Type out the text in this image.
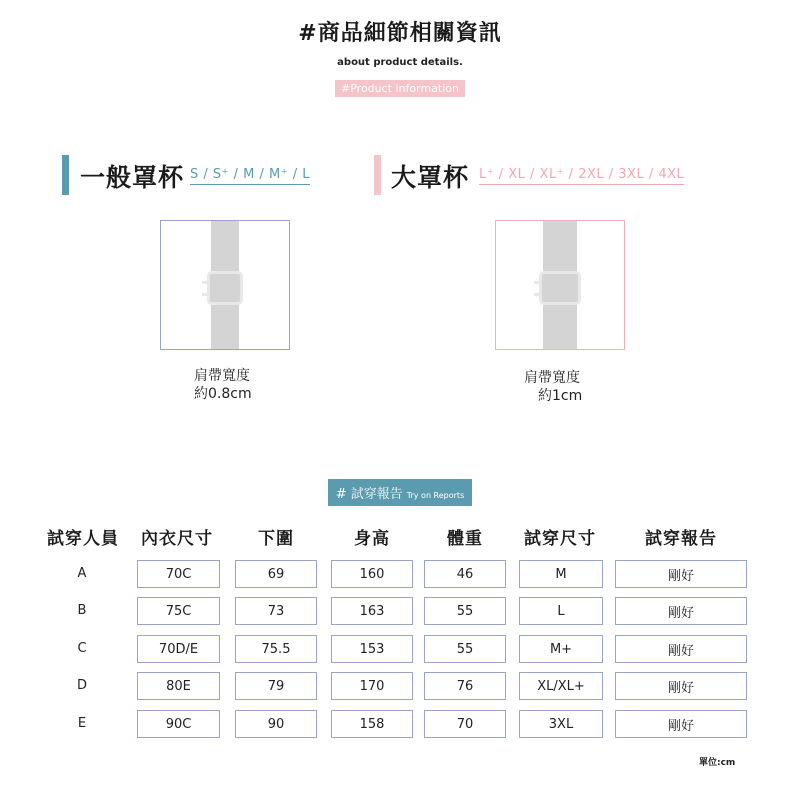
#商品細節相關資訊
about product details.
#Product information
一般罩杯 S / S⁺ / M / M⁺ / L
肩帶寬度
約0.8cm
大罩杯 L⁺ / XL / XL⁺ / 2XL / 3XL / 4XL
肩帶寬度
約1cm
# 試穿報告 Try on Reports
試穿人員	內衣尺寸	下圍	身高	體重	試穿尺寸	試穿報告
A	70C	69	160	46	M	剛好
B	75C	73	163	55	L	剛好
C	70D/E	75.5	153	55	M+	剛好
D	80E	79	170	76	XL/XL+	剛好
E	90C	90	158	70	3XL	剛好
單位:cm
